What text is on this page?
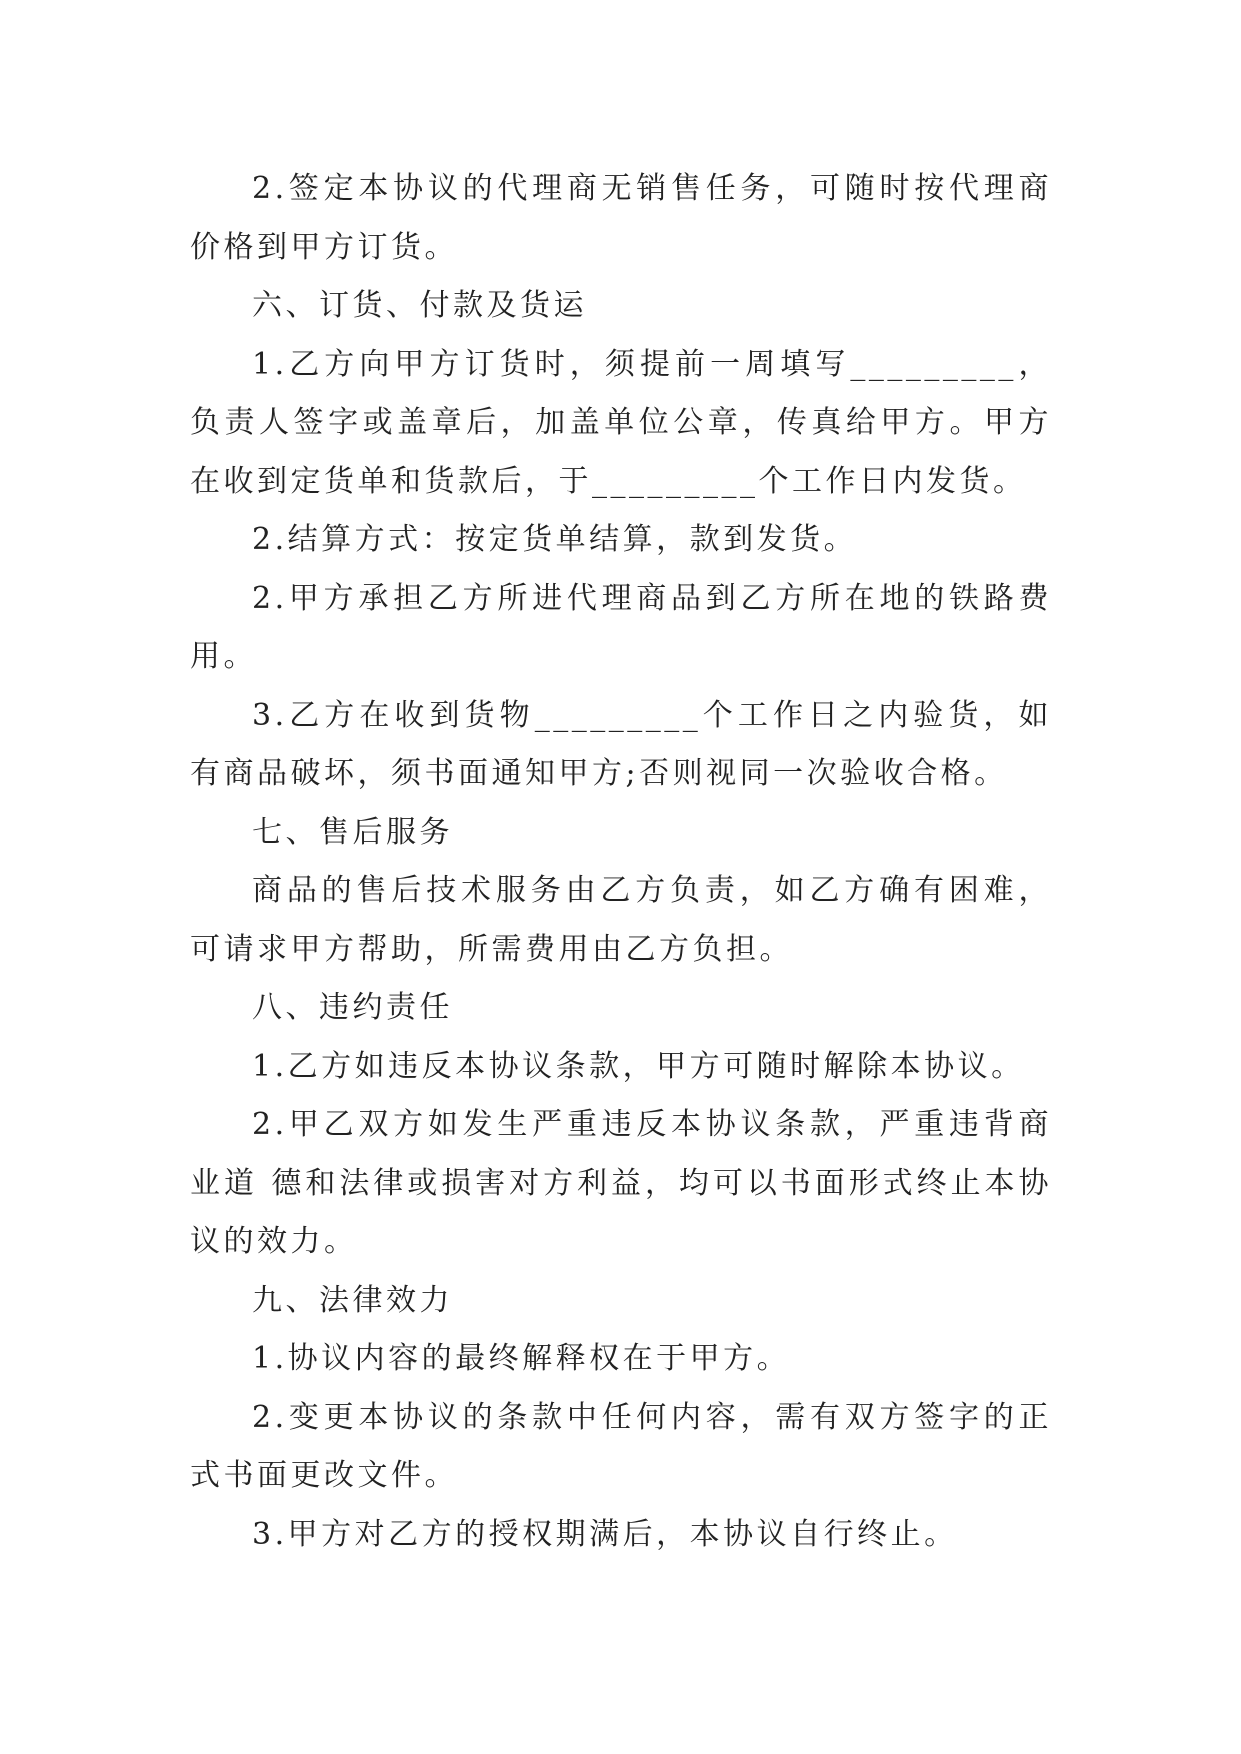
2.签定本协议的代理商无销售任务，可随时按代理商价格到甲方订货。

六、订货、付款及货运

1.乙方向甲方订货时，须提前一周填写_________，负责人签字或盖章后，加盖单位公章，传真给甲方。甲方在收到定货单和货款后，于_________个工作日内发货。

2.结算方式：按定货单结算，款到发货。

2.甲方承担乙方所进代理商品到乙方所在地的铁路费用。

3.乙方在收到货物_________个工作日之内验货，如有商品破坏，须书面通知甲方;否则视同一次验收合格。

七、售后服务

商品的售后技术服务由乙方负责，如乙方确有困难，可请求甲方帮助，所需费用由乙方负担。

八、违约责任

1.乙方如违反本协议条款，甲方可随时解除本协议。

2.甲乙双方如发生严重违反本协议条款，严重违背商业道 德和法律或损害对方利益，均可以书面形式终止本协议的效力。

九、法律效力

1.协议内容的最终解释权在于甲方。

2.变更本协议的条款中任何内容，需有双方签字的正式书面更改文件。

3.甲方对乙方的授权期满后，本协议自行终止。
